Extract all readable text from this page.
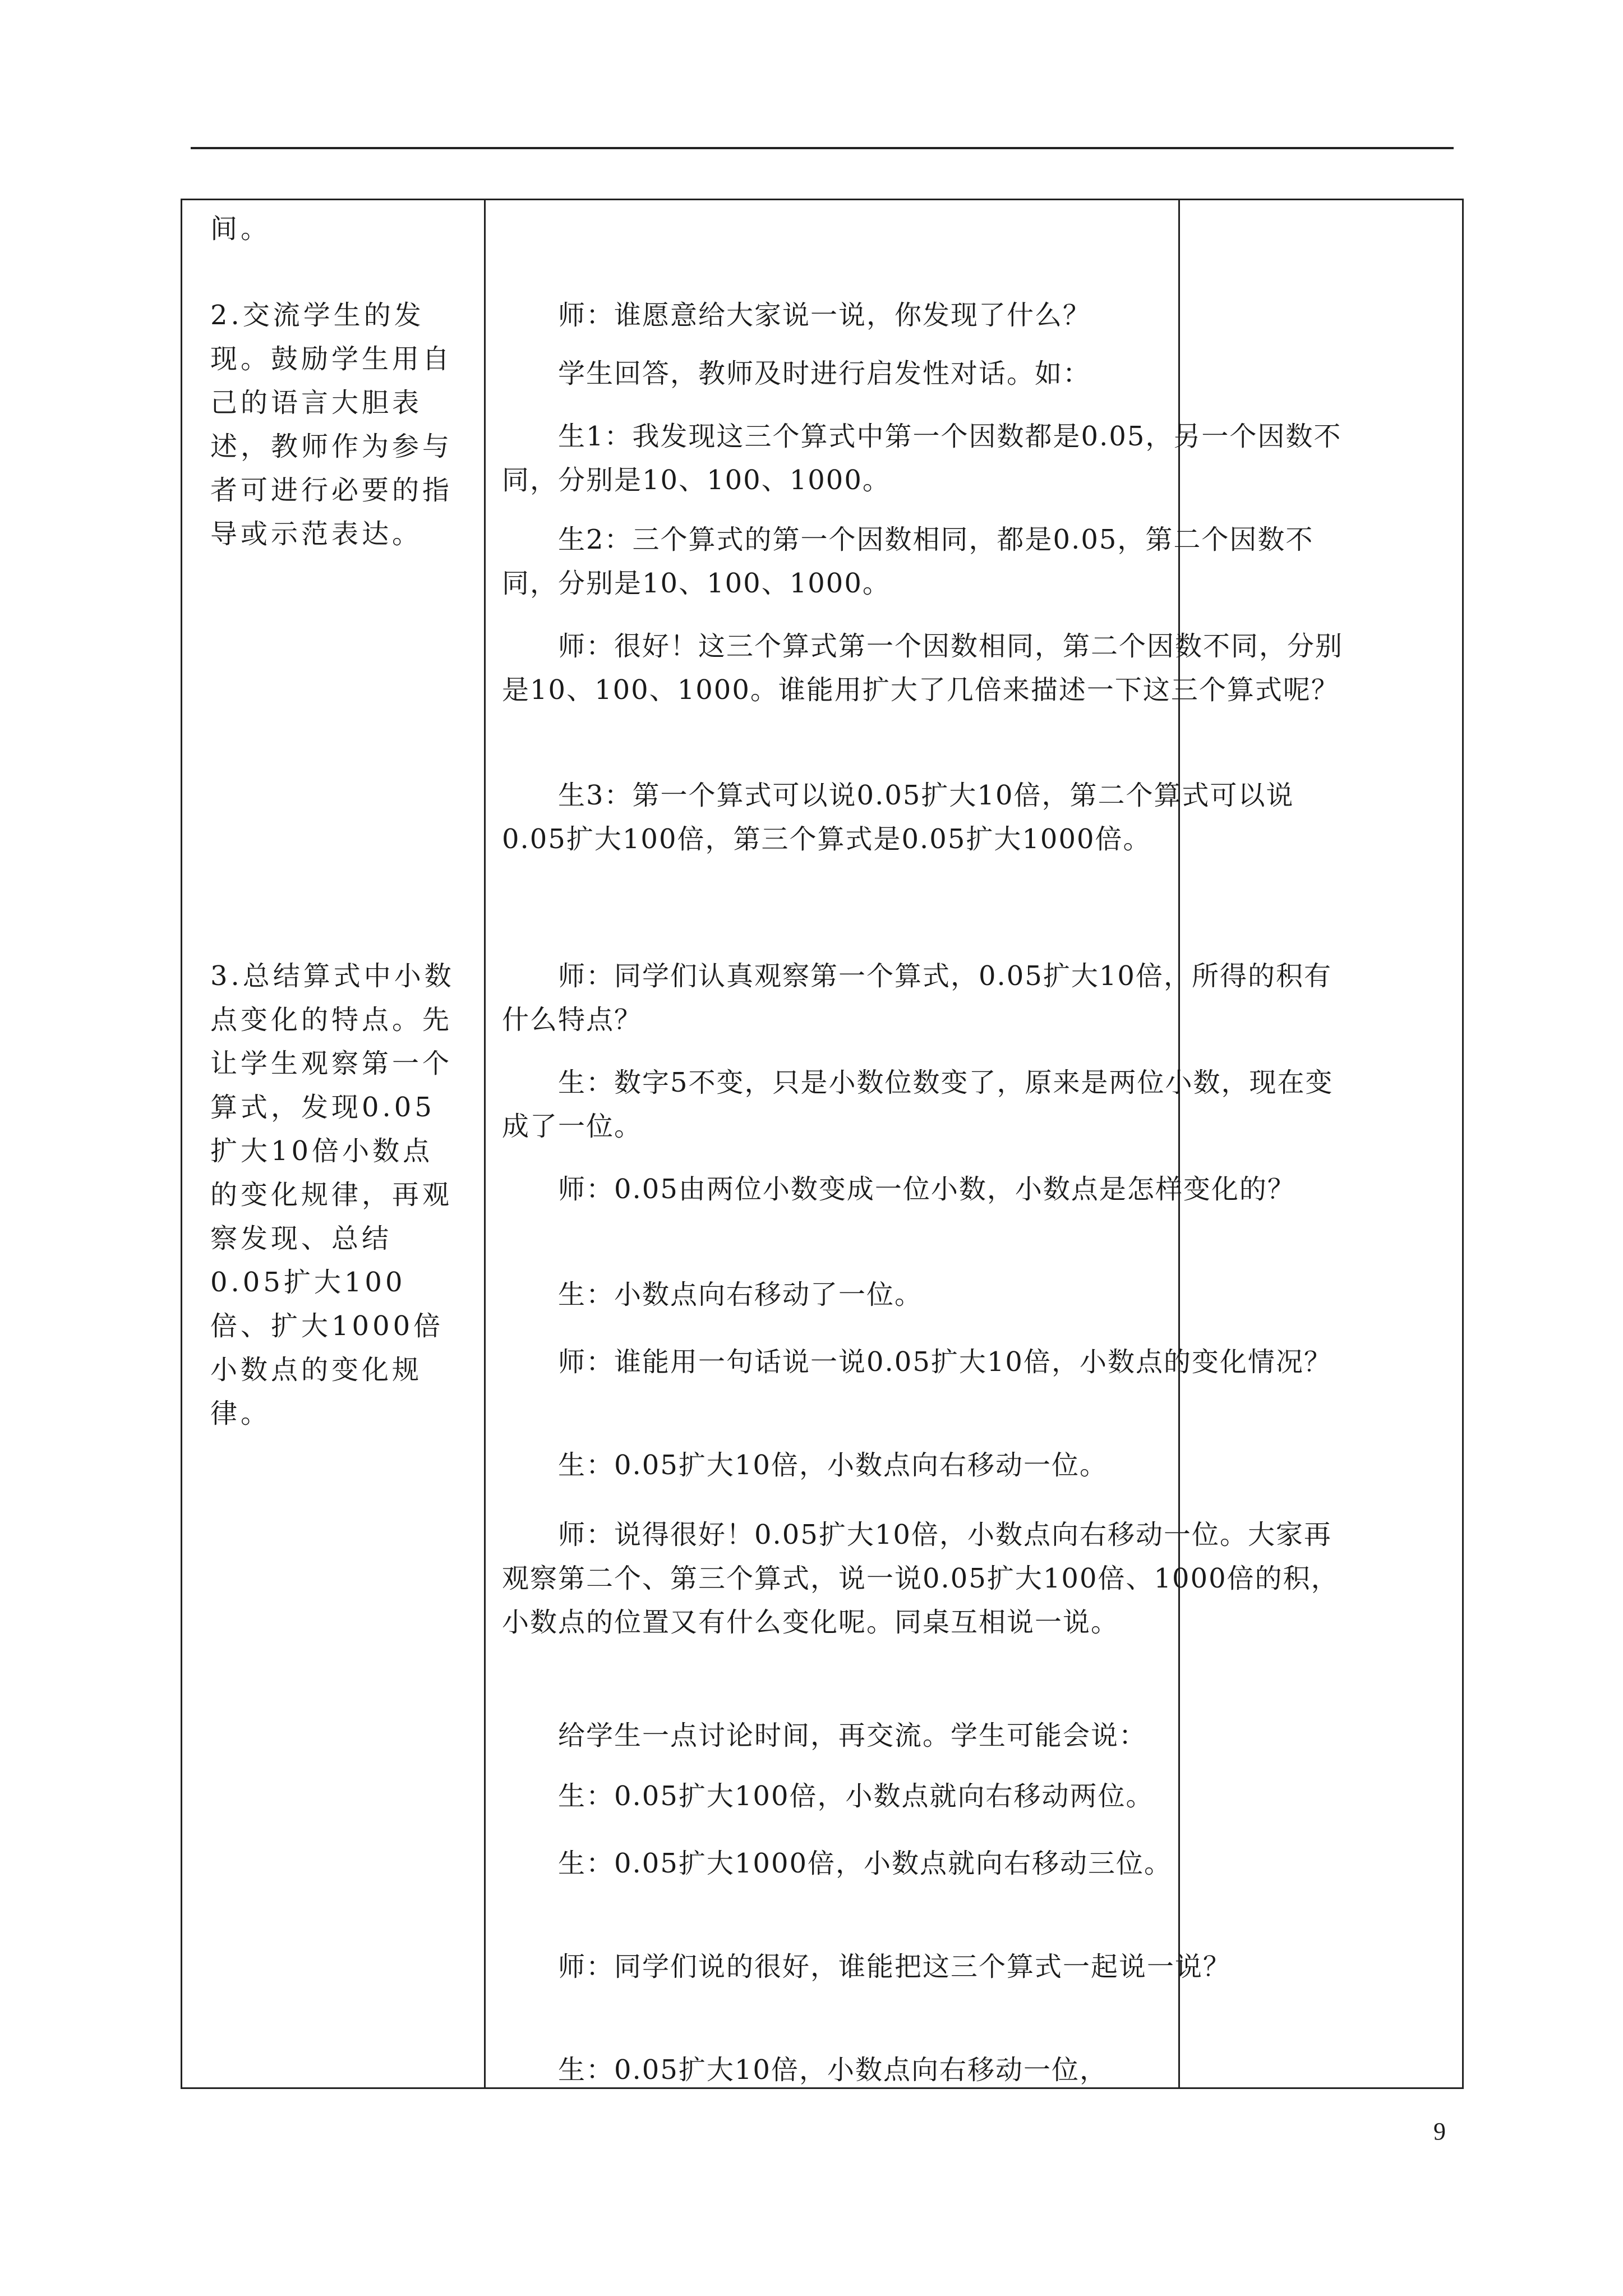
间。

2.交流学生的发现。鼓励学生用自己的语言大胆表述，教师作为参与者可进行必要的指导或示范表达。

3.总结算式中小数点变化的特点。先让学生观察第一个算式，发现0.05扩大10倍小数点的变化规律，再观察发现、总结0.05扩大100倍、扩大1000倍小数点的变化规律。

师：谁愿意给大家说一说，你发现了什么？

学生回答，教师及时进行启发性对话。如：

生1：我发现这三个算式中第一个因数都是0.05，另一个因数不同，分别是10、100、1000。

生2：三个算式的第一个因数相同，都是0.05，第二个因数不同，分别是10、100、1000。

师：很好！这三个算式第一个因数相同，第二个因数不同，分别是10、100、1000。谁能用扩大了几倍来描述一下这三个算式呢？

生3：第一个算式可以说0.05扩大10倍，第二个算式可以说0.05扩大100倍，第三个算式是0.05扩大1000倍。

师：同学们认真观察第一个算式，0.05扩大10倍，所得的积有什么特点？

生：数字5不变，只是小数位数变了，原来是两位小数，现在变成了一位。

师：0.05由两位小数变成一位小数，小数点是怎样变化的？

生：小数点向右移动了一位。

师：谁能用一句话说一说0.05扩大10倍，小数点的变化情况？

生：0.05扩大10倍，小数点向右移动一位。

师：说得很好！0.05扩大10倍，小数点向右移动一位。大家再观察第二个、第三个算式，说一说0.05扩大100倍、1000倍的积，小数点的位置又有什么变化呢。同桌互相说一说。

给学生一点讨论时间，再交流。学生可能会说：

生：0.05扩大100倍，小数点就向右移动两位。

生：0.05扩大1000倍，小数点就向右移动三位。

师：同学们说的很好，谁能把这三个算式一起说一说？

生：0.05扩大10倍，小数点向右移动一位，

9
